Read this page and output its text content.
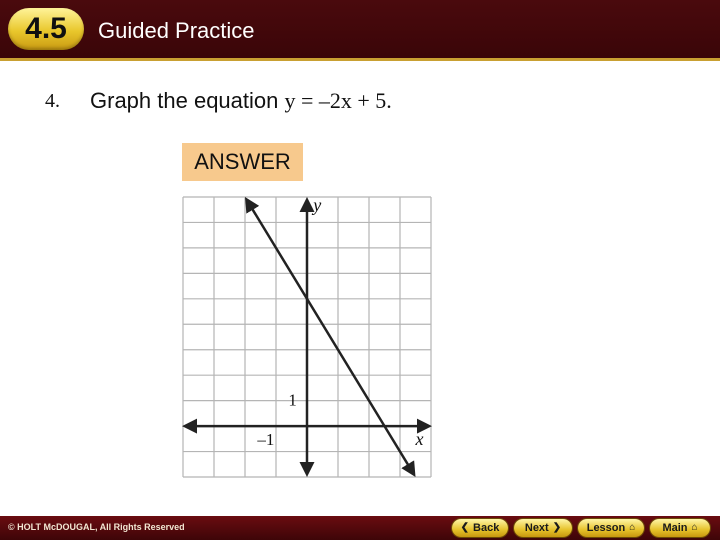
4.5	Guided Practice
4. Graph the equation y = –2x + 5.
ANSWER
x
y
–1
1
© HOLT McDOUGAL, All Rights Reserved	❮ Back Next ❯ Lesson ⌂ Main ⌂
